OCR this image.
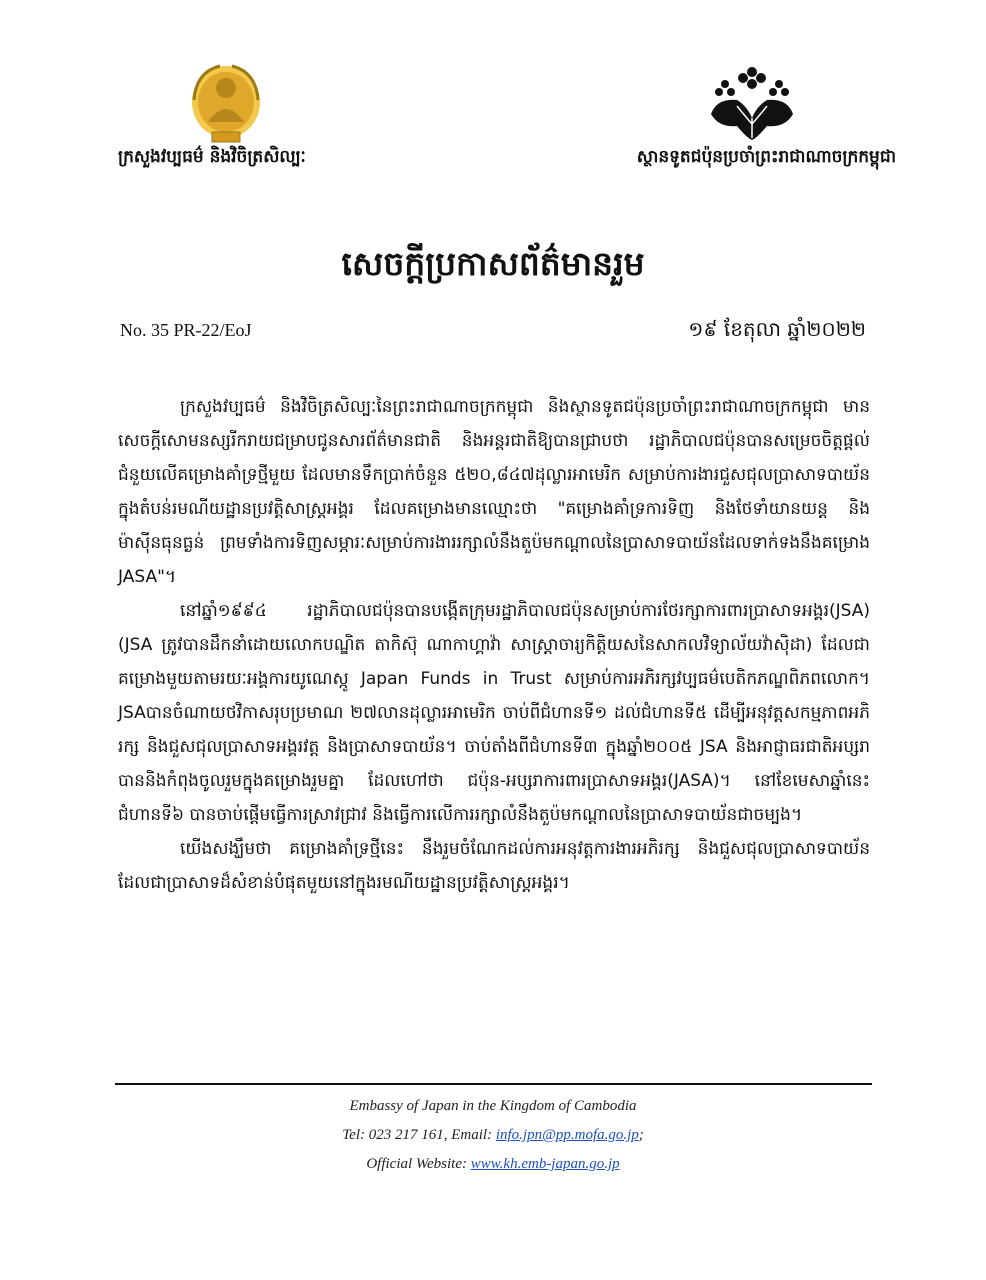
ក្រសួងវប្បធម៌ និងវិចិត្រសិល្បៈ	ស្ថានទូតជប៉ុនប្រចាំព្រះរាជាណាចក្រកម្ពុជា
សេចក្តីប្រកាសព័ត៌មានរួម
No. 35 PR-22/EoJ	១៩ ខែតុលា ឆ្នាំ២០២២

ក្រសួងវប្បធម៌ និងវិចិត្រសិល្បៈនៃព្រះរាជាណាចក្រកម្ពុជា និងស្ថានទូតជប៉ុនប្រចាំព្រះរាជាណាចក្រកម្ពុជា មានសេចក្តីសោមនស្សរីករាយជម្រាបជូនសារព័ត៌មានជាតិ និងអន្តរជាតិឱ្យបានជ្រាបថា រដ្ឋាភិបាលជប៉ុនបានសម្រេចចិត្តផ្តល់ជំនួយលើគម្រោងគាំទ្រថ្មីមួយ ដែលមានទឹកប្រាក់ចំនួន ៥២០,៨៤៧ដុល្លារអាមេរិក សម្រាប់ការងារជួសជុលប្រាសាទបាយ័នក្នុងតំបន់រមណីយដ្ឋានប្រវត្តិសាស្ត្រអង្គរ ដែលគម្រោងមានឈ្មោះថា "គម្រោងគាំទ្រការទិញ និងថែទាំយានយន្ត និងម៉ាស៊ីនធុនធ្ងន់ ព្រមទាំងការទិញសម្ភារៈសម្រាប់ការងាររក្សាលំនឹងតួប៉មកណ្តាលនៃប្រាសាទបាយ័នដែលទាក់ទងនឹងគម្រោង JASA"។

នៅឆ្នាំ១៩៩៤ រដ្ឋាភិបាលជប៉ុនបានបង្កើតក្រុមរដ្ឋាភិបាលជប៉ុនសម្រាប់ការថែរក្សាការពារប្រាសាទអង្គរ(JSA) (JSA ត្រូវបានដឹកនាំដោយលោកបណ្ឌិត តាកិស៊ុ ណាកាហ្គាវ៉ា សាស្ត្រាចារ្យកិត្តិយសនៃសាកលវិទ្យាល័យវ៉ាស៊ិដា) ដែលជាគម្រោងមួយតាមរយៈអង្គការយូណេស្កូ Japan Funds in Trust សម្រាប់ការអភិរក្សវប្បធម៌បេតិកភណ្ឌពិភពលោក។ JSAបានចំណាយថវិកាសរុបប្រមាណ ២៧លានដុល្លារអាមេរិក ចាប់ពីជំហានទី១ ដល់ជំហានទី៥ ដើម្បីអនុវត្តសកម្មភាពអភិរក្ស និងជួសជុលប្រាសាទអង្គរវត្ត និងប្រាសាទបាយ័ន។ ចាប់តាំងពីជំហានទី៣ ក្នុងឆ្នាំ២០០៥ JSA និងអាជ្ញាធរជាតិអប្សរា បាននិងកំពុងចូលរួមក្នុងគម្រោងរួមគ្នា ដែលហៅថា ជប៉ុន-អប្សរាការពារប្រាសាទអង្គរ(JASA)។ នៅខែមេសាឆ្នាំនេះ ជំហានទី៦ បានចាប់ផ្តើមធ្វើការស្រាវជ្រាវ និងធ្វើការលើការរក្សាលំនឹងតួប៉មកណ្តាលនៃប្រាសាទបាយ័នជាចម្បង។

យើងសង្ឃឹមថា គម្រោងគាំទ្រថ្មីនេះ នឹងរួមចំណែកដល់ការអនុវត្តការងារអភិរក្ស និងជួសជុលប្រាសាទបាយ័ន ដែលជាប្រាសាទដ៏សំខាន់បំផុតមួយនៅក្នុងរមណីយដ្ឋានប្រវត្តិសាស្ត្រអង្គរ។

Embassy of Japan in the Kingdom of Cambodia
Tel: 023 217 161, Email: info.jpn@pp.mofa.go.jp;
Official Website: www.kh.emb-japan.go.jp
